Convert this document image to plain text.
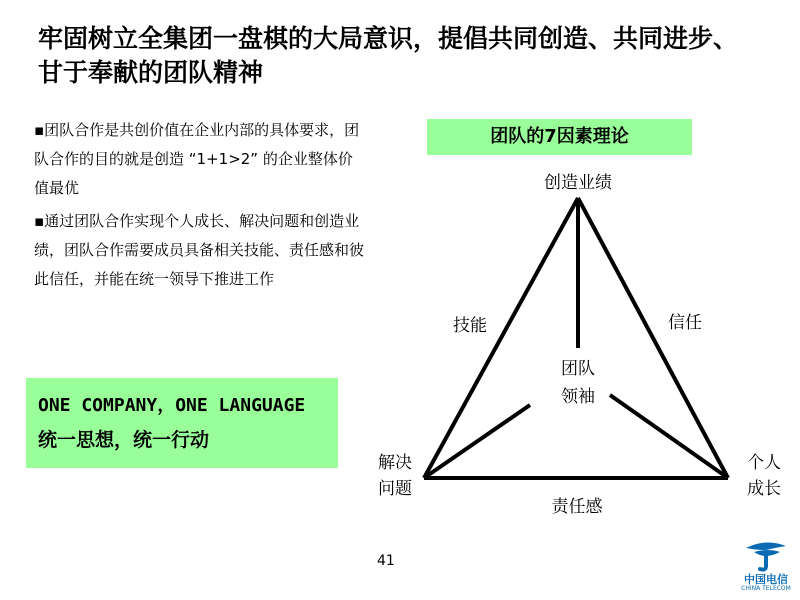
牢固树立全集团一盘棋的大局意识，提倡共同创造、共同进步、甘于奉献的团队精神

▪团队合作是共创价值在企业内部的具体要求，团队合作的目的就是创造 “1+1>2” 的企业整体价值最优

▪通过团队合作实现个人成长、解决问题和创造业绩，团队合作需要成员具备相关技能、责任感和彼此信任，并能在统一领导下推进工作

ONE COMPANY，ONE LANGUAGE
统一思想，统一行动
团队的7因素理论
创造业绩
解决
问题
个人
成长
团队
领袖
技能	信任
责任感
41
中国电信
CHINA TELECOM
